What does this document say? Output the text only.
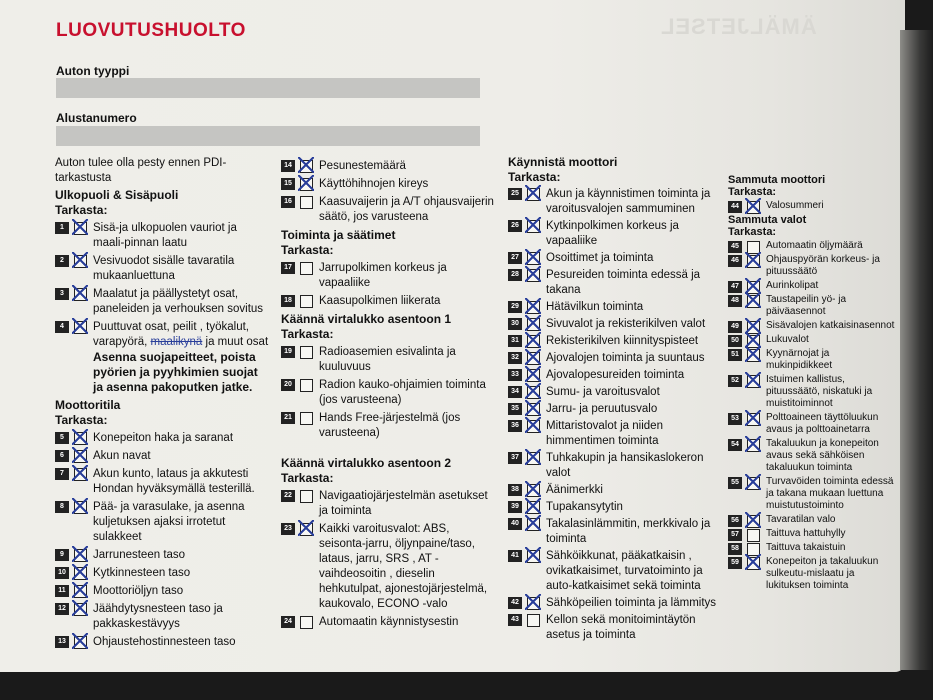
ÄMÄLJETSEL
LUOVUTUSHUOLTO
Auton tyyppi
Alustanumero
Auton tulee olla pesty ennen PDI-tarkastusta
Ulkopuoli & Sisäpuoli
Tarkasta:
1	Sisä-ja ulkopuolen vauriot ja maali-pinnan laatu
2	Vesivuodot sisälle tavaratila mukaanluettuna
3	Maalatut ja päällystetyt osat, paneleiden ja verhouksen sovitus
4	Puuttuvat osat, peilit , työkalut, varapyörä, maalikynä ja muut osat
Asenna suojapeitteet, poista pyörien ja pyyhkimien suojat ja asenna pakoputken jatke.
Moottoritila
Tarkasta:
5	Konepeiton haka ja saranat
6	Akun navat
7	Akun kunto, lataus ja akkutesti Hondan hyväksymällä testerillä.
8	Pää- ja varasulake, ja asenna kuljetuksen ajaksi irrotetut sulakkeet
9	Jarrunesteen taso
10 Kytkinnesteen taso
11 Moottoriöljyn taso
12 Jäähdytysnesteen taso ja pakkaskestävyys
13 Ohjaustehostinnesteen taso
14 Pesunestemäärä
15 Käyttöhihnojen kireys
16 Kaasuvaijerin ja A/T ohjausvaijerin säätö, jos varusteena
Toiminta ja säätimet
Tarkasta:
17 Jarrupolkimen korkeus ja vapaaliike
18 Kaasupolkimen liikerata
Käännä virtalukko asentoon 1
Tarkasta:
19 Radioasemien esivalinta ja kuuluvuus
20 Radion kauko-ohjaimien toiminta (jos varusteena)
21 Hands Free-järjestelmä (jos varusteena)
Käännä virtalukko asentoon 2
Tarkasta:
22 Navigaatiojärjestelmän asetukset ja toiminta
23 Kaikki varoitusvalot: ABS, seisonta-jarru, öljynpaine/taso, lataus, jarru, SRS , AT -vaihdeosoitin , dieselin hehkutulpat, ajonestojärjestelmä, kaukovalo, ECONO -valo
24 Automaatin käynnistysestin
Käynnistä moottori
Tarkasta:
25 Akun ja käynnistimen toiminta ja varoitusvalojen sammuminen
26 Kytkinpolkimen korkeus ja vapaaliike
27 Osoittimet ja toiminta
28 Pesureiden toiminta edessä ja takana
29 Hätävilkun toiminta
30 Sivuvalot ja rekisterikilven valot
31 Rekisterikilven kiinnityspisteet
32 Ajovalojen toiminta ja suuntaus
33 Ajovalopesureiden toiminta
34 Sumu- ja varoitusvalot
35 Jarru- ja peruutusvalo
36 Mittaristovalot ja niiden himmentimen toiminta
37 Tuhkakupin ja hansikaslokeron valot
38 Äänimerkki
39 Tupakansytytin
40 Takalasinlämmitin, merkkivalo ja toiminta
41 Sähköikkunat, pääkatkaisin , ovikatkaisimet, turvatoiminto ja auto-katkaisimet sekä toiminta
42 Sähköpeilien toiminta ja lämmitys
43 Kellon sekä monitoimintäytön asetus ja toiminta
Sammuta moottori
Tarkasta:
44	Valosummeri
Sammuta valot
Tarkasta:
45	Automaatin öljymäärä
46	Ohjauspyörän korkeus- ja pituussäätö
47	Aurinkolipat
48	Taustapeilin yö- ja päiväasennot
49	Sisävalojen katkaisinasennot
50	Lukuvalot
51	Kyynärnojat ja mukinpidikkeet
52	Istuimen kallistus, pituussäätö, niskatuki ja muistitoiminnot
53	Polttoaineen täyttöluukun avaus ja polttoainetarra
54	Takaluukun ja konepeiton avaus sekä sähköisen takaluukun toiminta
55	Turvavöiden toiminta edessä ja takana mukaan luettuna muistutustoiminto
56	Tavaratilan valo
57	Taittuva hattuhylly
58	Taittuva takaistuin
59	Konepeiton ja takaluukun sulkeutu-mislaatu ja lukituksen toiminta
